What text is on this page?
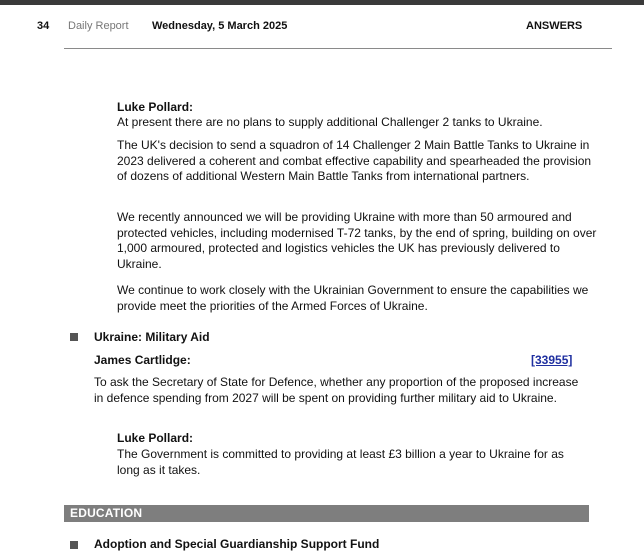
34 Daily Report Wednesday, 5 March 2025	ANSWERS
Luke Pollard:

At present there are no plans to supply additional Challenger 2 tanks to Ukraine.

The UK's decision to send a squadron of 14 Challenger 2 Main Battle Tanks to Ukraine in 2023 delivered a coherent and combat effective capability and spearheaded the provision of dozens of additional Western Main Battle Tanks from international partners.

We recently announced we will be providing Ukraine with more than 50 armoured and protected vehicles, including modernised T-72 tanks, by the end of spring, building on over 1,000 armoured, protected and logistics vehicles the UK has previously delivered to Ukraine.

We continue to work closely with the Ukrainian Government to ensure the capabilities we provide meet the priorities of the Armed Forces of Ukraine.

Ukraine: Military Aid
James Cartlidge:	[33955]

To ask the Secretary of State for Defence, whether any proportion of the proposed increase in defence spending from 2027 will be spent on providing further military aid to Ukraine.

Luke Pollard:

The Government is committed to providing at least £3 billion a year to Ukraine for as long as it takes.

EDUCATION
Adoption and Special Guardianship Support Fund
